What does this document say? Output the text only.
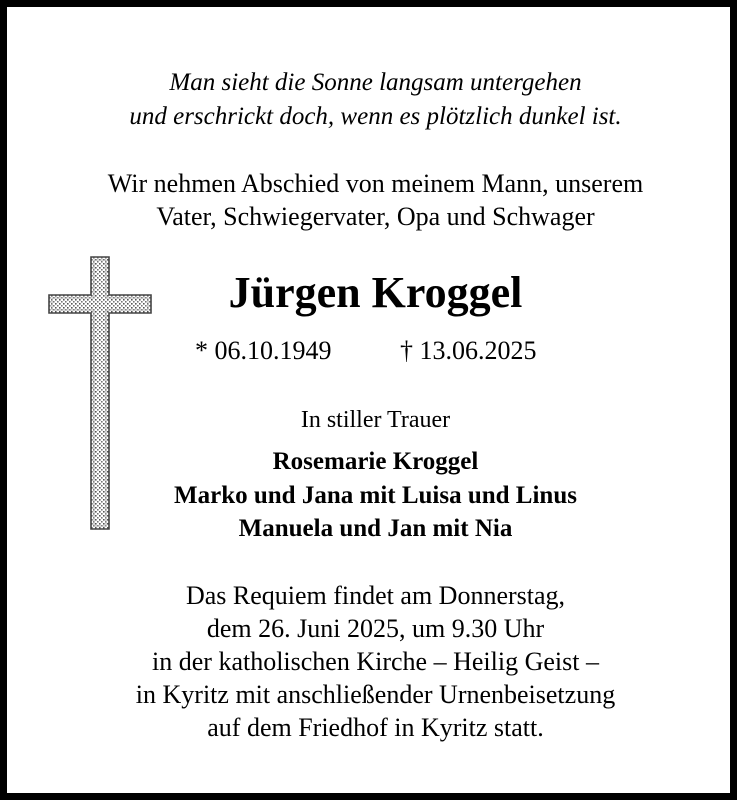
Man sieht die Sonne langsam untergehen

und erschrickt doch, wenn es plötzlich dunkel ist.

Wir nehmen Abschied von meinem Mann, unserem

Vater, Schwiegervater, Opa und Schwager

Jürgen Kroggel

* 06.10.1949	† 13.06.2025

In stiller Trauer

Rosemarie Kroggel

Marko und Jana mit Luisa und Linus

Manuela und Jan mit Nia

Das Requiem findet am Donnerstag,

dem 26. Juni 2025, um 9.30 Uhr

in der katholischen Kirche – Heilig Geist –

in Kyritz mit anschließender Urnenbeisetzung

auf dem Friedhof in Kyritz statt.
